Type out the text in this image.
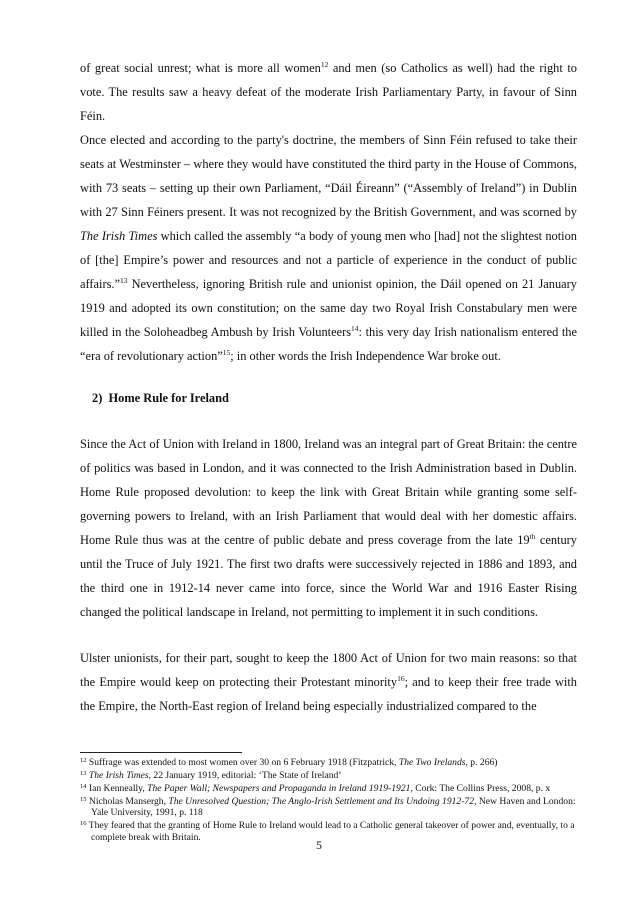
of great social unrest; what is more all women$^{12}$ and men (so Catholics as well) had the right to vote. The results saw a heavy defeat of the moderate Irish Parliamentary Party, in favour of Sinn Féin.

Once elected and according to the party's doctrine, the members of Sinn Féin refused to take their seats at Westminster – where they would have constituted the third party in the House of Commons, with 73 seats – setting up their own Parliament, “Dáil Éireann” (“Assembly of Ireland”) in Dublin with 27 Sinn Féiners present. It was not recognized by the British Government, and was scorned by The Irish Times which called the assembly “a body of young men who [had] not the slightest notion of [the] Empire’s power and resources and not a particle of experience in the conduct of public affairs.”$^{13}$ Nevertheless, ignoring British rule and unionist opinion, the Dáil opened on 21 January 1919 and adopted its own constitution; on the same day two Royal Irish Constabulary men were killed in the Soloheadbeg Ambush by Irish Volunteers$^{14}$: this very day Irish nationalism entered the “era of revolutionary action”$^{15}$; in other words the Irish Independence War broke out.

2)  Home Rule for Ireland

Since the Act of Union with Ireland in 1800, Ireland was an integral part of Great Britain: the centre of politics was based in London, and it was connected to the Irish Administration based in Dublin. Home Rule proposed devolution: to keep the link with Great Britain while granting some self-governing powers to Ireland, with an Irish Parliament that would deal with her domestic affairs. Home Rule thus was at the centre of public debate and press coverage from the late 19th century until the Truce of July 1921. The first two drafts were successively rejected in 1886 and 1893, and the third one in 1912-14 never came into force, since the World War and 1916 Easter Rising changed the political landscape in Ireland, not permitting to implement it in such conditions.

Ulster unionists, for their part, sought to keep the 1800 Act of Union for two main reasons: so that the Empire would keep on protecting their Protestant minority$^{16}$; and to keep their free trade with the Empire, the North-East region of Ireland being especially industrialized compared to the

$^{12}$ Suffrage was extended to most women over 30 on 6 February 1918 (Fitzpatrick, The Two Irelands, p. 266)

$^{13}$ The Irish Times, 22 January 1919, editorial: ‘The State of Ireland’

$^{14}$ Ian Kenneally, The Paper Wall; Newspapers and Propaganda in Ireland 1919-1921, Cork: The Collins Press, 2008, p. x

$^{15}$ Nicholas Mansergh, The Unresolved Question; The Anglo-Irish Settlement and Its Undoing 1912-72, New Haven and London: Yale University, 1991, p. 118

$^{16}$ They feared that the granting of Home Rule to Ireland would lead to a Catholic general takeover of power and, eventually, to a complete break with Britain.

5
